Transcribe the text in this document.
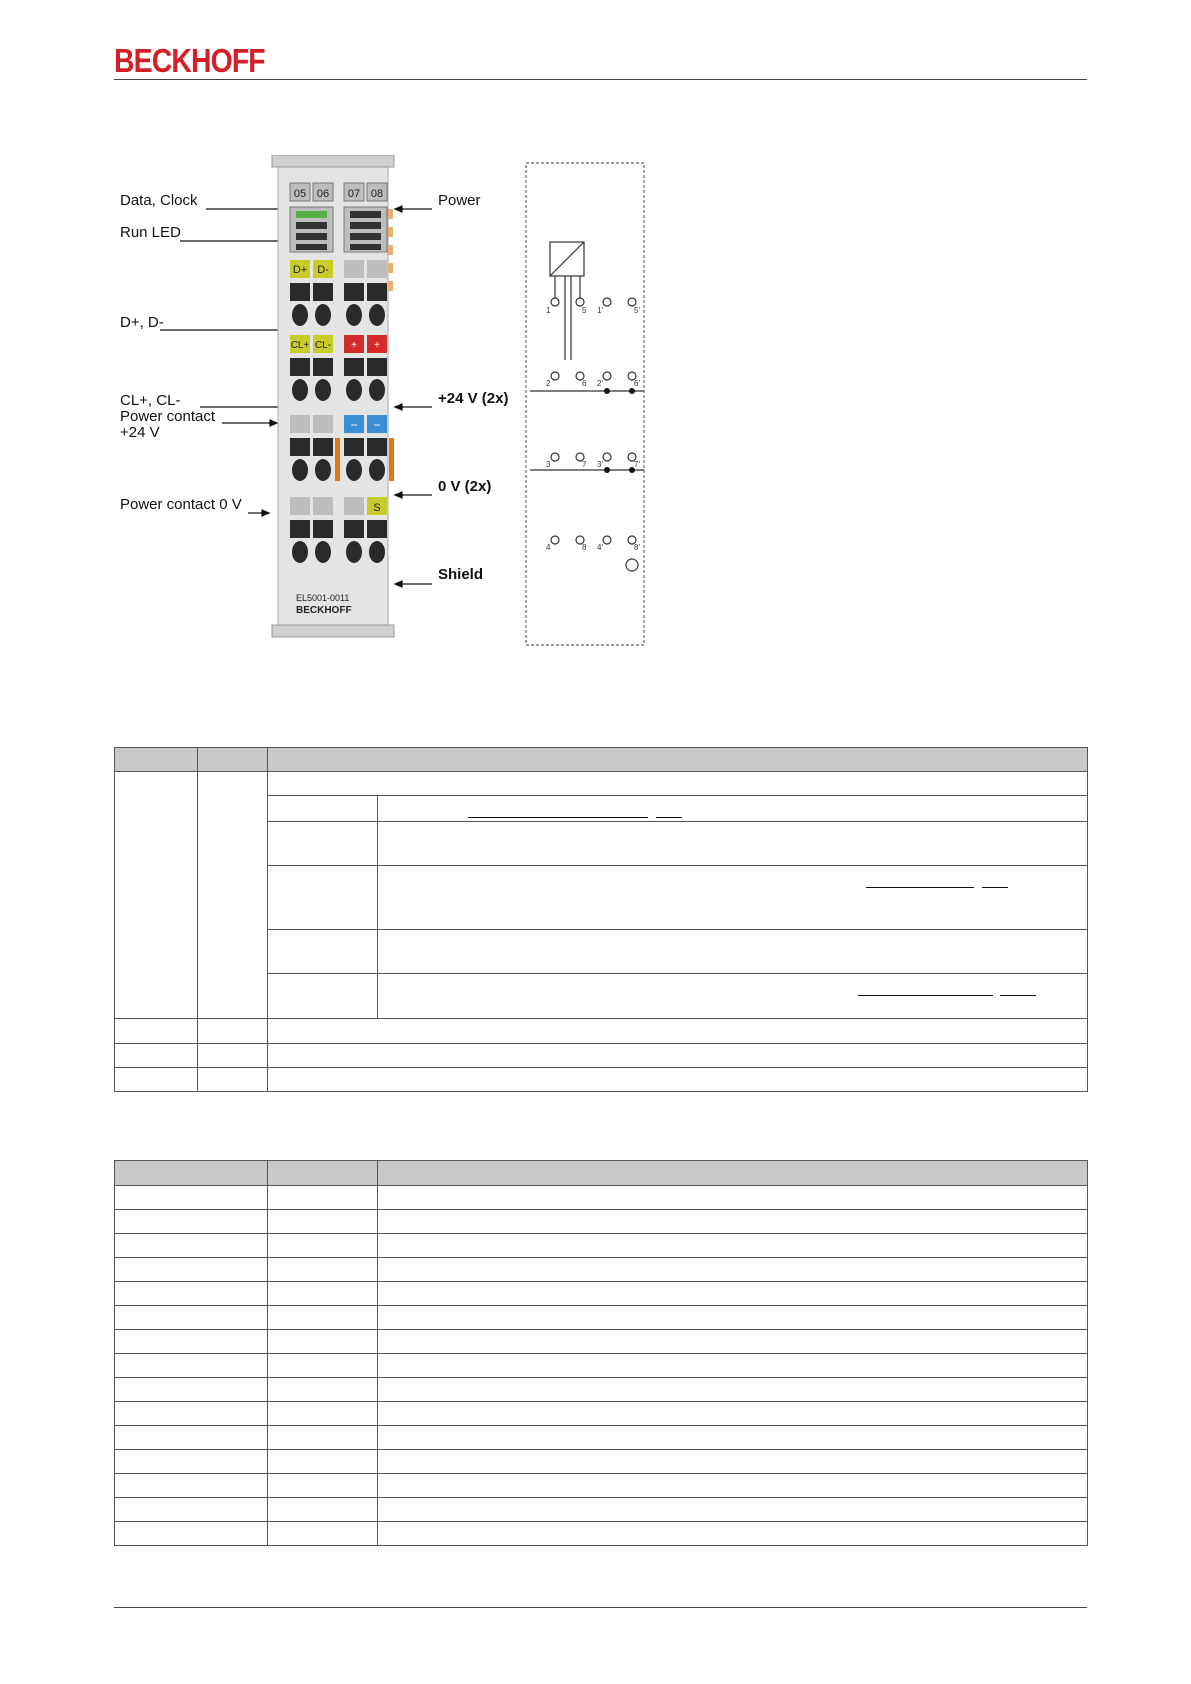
BECKHOFF
Data, Clock
Run LED
D+, D-
CL+, CL-
Power contact
+24 V
Power contact 0 V
Power
+24 V (2x)
0 V (2x)
Shield
05 06 07 08
D+ D-
CL+ CL- + +
− −
S
EL5001-0011
BECKHOFF
1	5 1'	5'
2	6 2'	6'
3	7 3'	7'
4	8 4'	8'
